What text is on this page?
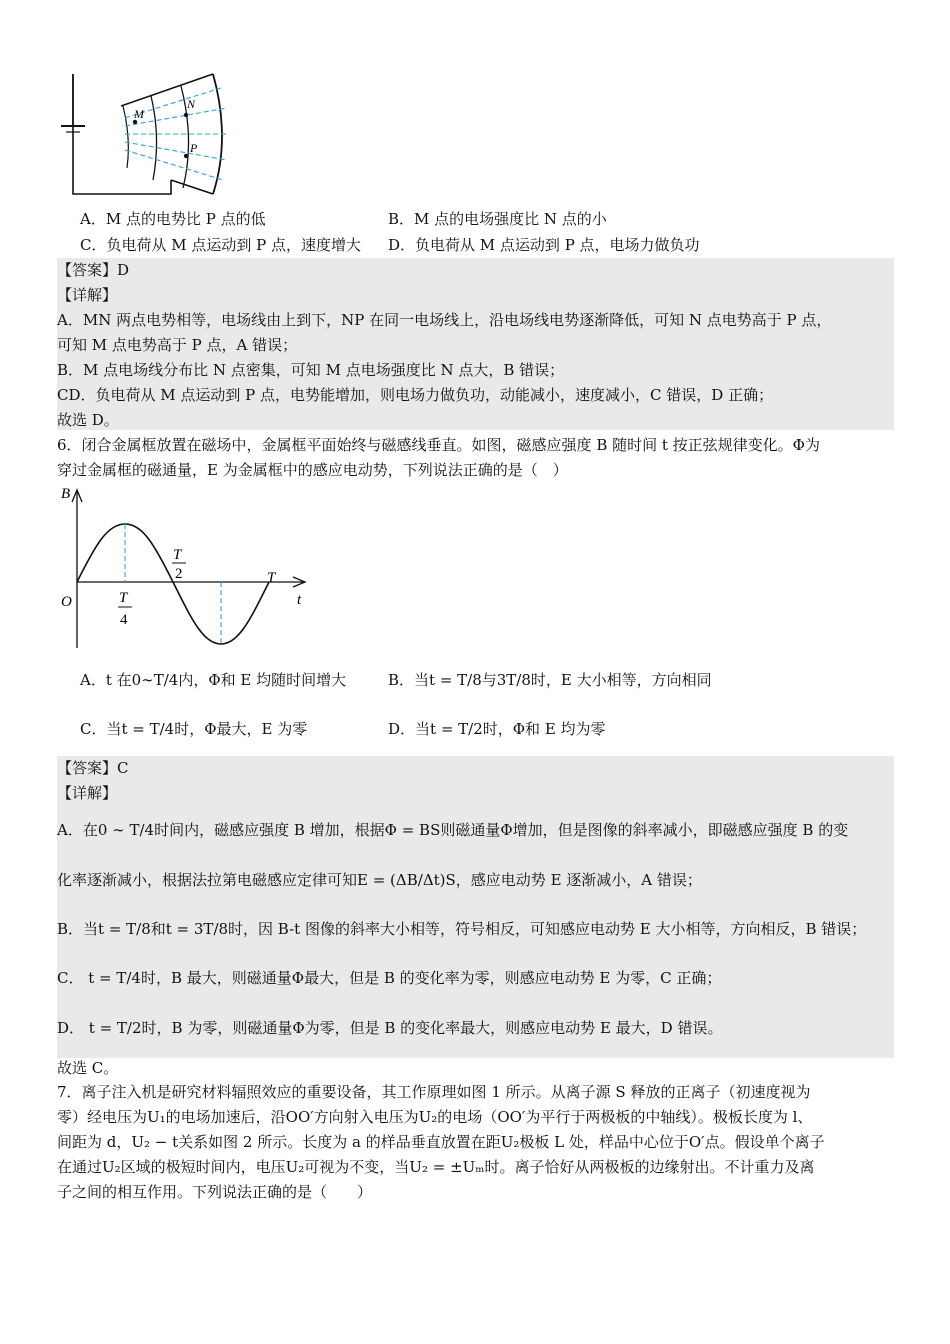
M
N
P
A．M 点的电势比 P 点的低	B．M 点的电场强度比 N 点的小
C．负电荷从 M 点运动到 P 点，速度增大 D．负电荷从 M 点运动到 P 点，电场力做负功
【答案】D
【详解】
A．MN 两点电势相等，电场线由上到下，NP 在同一电场线上，沿电场线电势逐渐降低，可知 N 点电势高于 P 点，
可知 M 点电势高于 P 点，A 错误；
B．M 点电场线分布比 N 点密集，可知 M 点电场强度比 N 点大，B 错误；
CD．负电荷从 M 点运动到 P 点，电势能增加，则电场力做负功，动能减小，速度减小，C 错误，D 正确；
故选 D。
6．闭合金属框放置在磁场中，金属框平面始终与磁感线垂直。如图，磁感应强度 B 随时间 t 按正弦规律变化。Φ为
穿过金属框的磁通量，E 为金属框中的感应电动势，下列说法正确的是（　）
B
t
O
T
T
2
T
4
A．t 在0∼T/4内，Φ和 E 均随时间增大	B．当t = T/8与3T/8时，E 大小相等，方向相同
C．当t = T/4时，Φ最大，E 为零	D．当t = T/2时，Φ和 E 均为零
【答案】C
【详解】
A．在0 ∼ T/4时间内，磁感应强度 B 增加，根据Φ = BS则磁通量Φ增加，但是图像的斜率减小，即磁感应强度 B 的变
化率逐渐减小，根据法拉第电磁感应定律可知E = (ΔB/Δt)S，感应电动势 E 逐渐减小，A 错误；
B．当t = T/8和t = 3T/8时，因 B-t 图像的斜率大小相等，符号相反，可知感应电动势 E 大小相等，方向相反，B 错误；
C． t = T/4时，B 最大，则磁通量Φ最大，但是 B 的变化率为零，则感应电动势 E 为零，C 正确；
D． t = T/2时，B 为零，则磁通量Φ为零，但是 B 的变化率最大，则感应电动势 E 最大，D 错误。
故选 C。
7．离子注入机是研究材料辐照效应的重要设备，其工作原理如图 1 所示。从离子源 S 释放的正离子（初速度视为
零）经电压为U₁的电场加速后，沿OO′方向射入电压为U₂的电场（OO′为平行于两极板的中轴线）。极板长度为 l、
间距为 d，U₂ − t关系如图 2 所示。长度为 a 的样品垂直放置在距U₂极板 L 处，样品中心位于O′点。假设单个离子
在通过U₂区域的极短时间内，电压U₂可视为不变，当U₂ = ±Uₘ时。离子恰好从两极板的边缘射出。不计重力及离
子之间的相互作用。下列说法正确的是（　　）
